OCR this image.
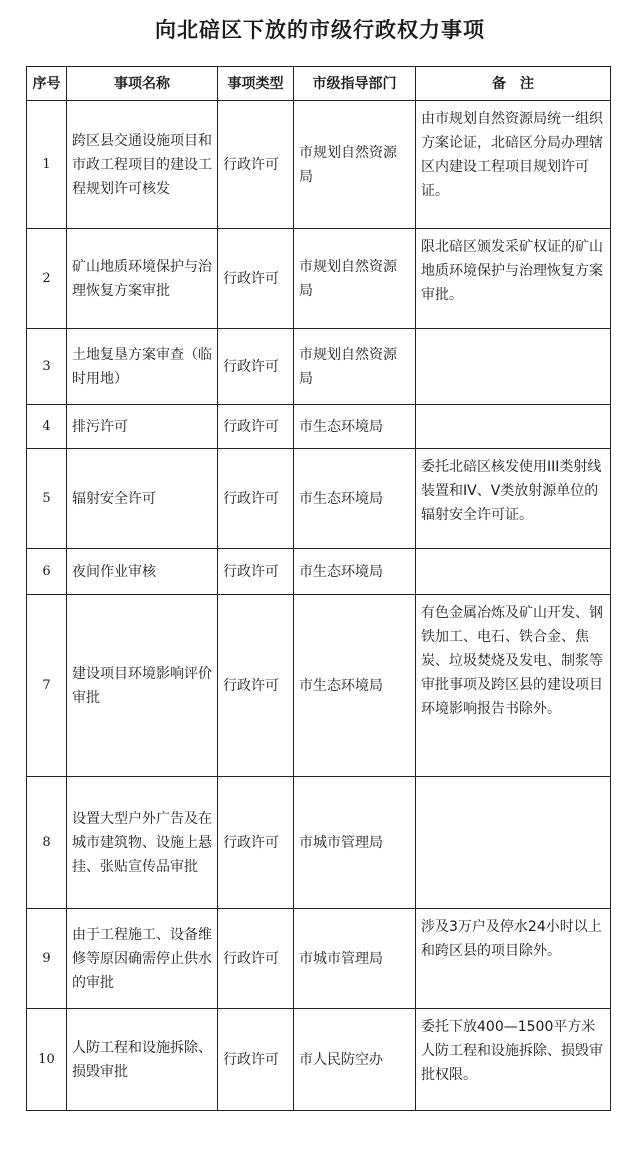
向北碚区下放的市级行政权力事项
序号	事项名称	事项类型	市级指导部门	备　注
1	跨区县交通设施项目和市政工程项目的建设工程规划许可核发	行政许可	市规划自然资源局	由市规划自然资源局统一组织方案论证，北碚区分局办理辖区内建设工程项目规划许可证。
2	矿山地质环境保护与治理恢复方案审批	行政许可	市规划自然资源局	限北碚区颁发采矿权证的矿山地质环境保护与治理恢复方案审批。
3	土地复垦方案审查（临时用地）	行政许可	市规划自然资源局	
4	排污许可	行政许可	市生态环境局	
5	辐射安全许可	行政许可	市生态环境局	委托北碚区核发使用III类射线装置和IV、V类放射源单位的辐射安全许可证。
6	夜间作业审核	行政许可	市生态环境局	
7	建设项目环境影响评价审批	行政许可	市生态环境局	有色金属冶炼及矿山开发、钢铁加工、电石、铁合金、焦炭、垃圾焚烧及发电、制浆等审批事项及跨区县的建设项目环境影响报告书除外。
8	设置大型户外广告及在城市建筑物、设施上悬挂、张贴宣传品审批	行政许可	市城市管理局	
9	由于工程施工、设备维修等原因确需停止供水的审批	行政许可	市城市管理局	涉及3万户及停水24小时以上和跨区县的项目除外。
10	人防工程和设施拆除、损毁审批	行政许可	市人民防空办	委托下放400—1500平方米人防工程和设施拆除、损毁审批权限。
